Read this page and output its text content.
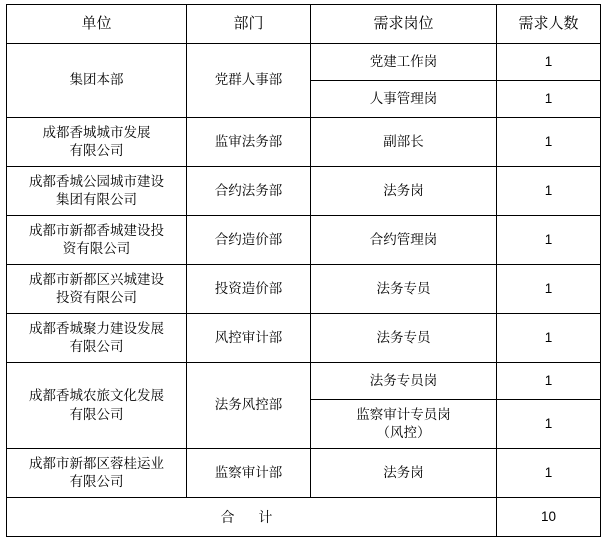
单位	部门	需求岗位	需求人数
集团本部	党群人事部	党建工作岗	1
		人事管理岗	1
成都香城城市发展
有限公司	监审法务部	副部长	1
成都香城公园城市建设
集团有限公司	合约法务部	法务岗	1
成都市新都香城建设投
资有限公司	合约造价部	合约管理岗	1
成都市新都区兴城建设
投资有限公司	投资造价部	法务专员	1
成都香城聚力建设发展
有限公司	风控审计部	法务专员	1
成都香城农旅文化发展
有限公司	法务风控部	法务专员岗	1
		监察审计专员岗
（风控）	1
成都市新都区蓉桂运业
有限公司	监察审计部	法务岗	1
合 计			10
